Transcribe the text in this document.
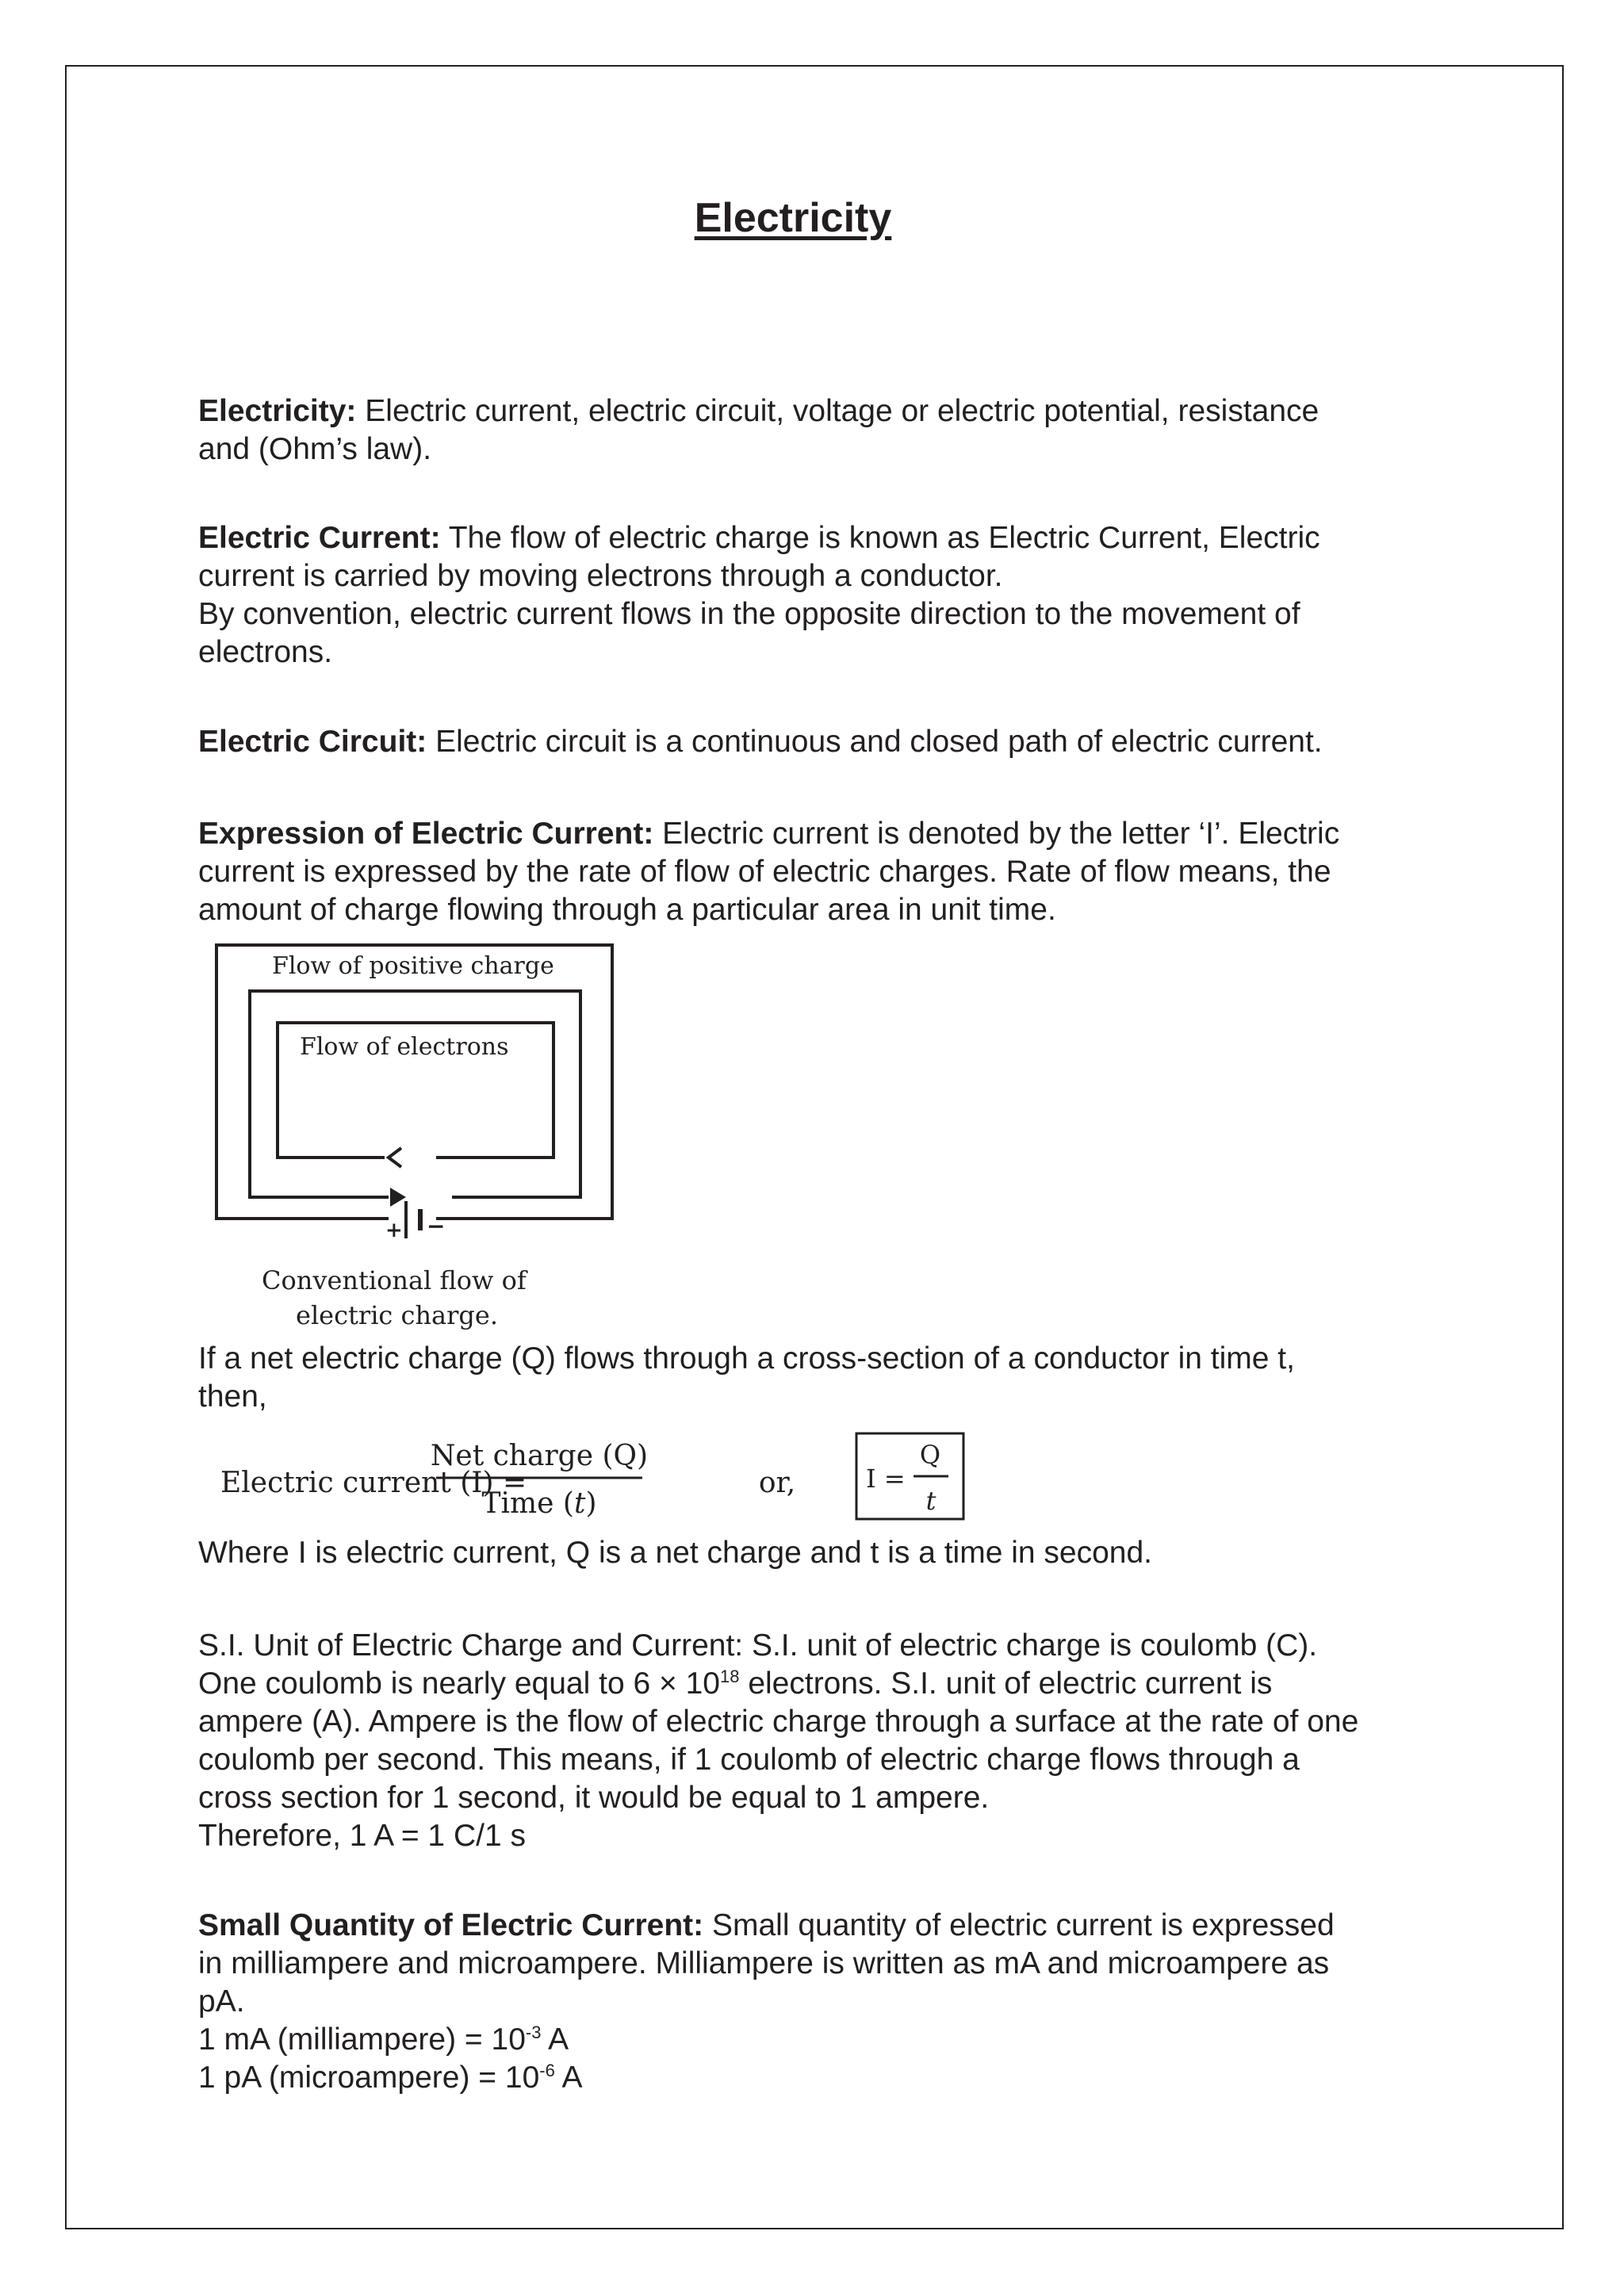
Electricity

Electricity: Electric current, electric circuit, voltage or electric potential, resistance
and (Ohm’s law).

Electric Current: The flow of electric charge is known as Electric Current, Electric
current is carried by moving electrons through a conductor.
By convention, electric current flows in the opposite direction to the movement of
electrons.

Electric Circuit: Electric circuit is a continuous and closed path of electric current.

Expression of Electric Current: Electric current is denoted by the letter ‘I’. Electric
current is expressed by the rate of flow of electric charges. Rate of flow means, the
amount of charge flowing through a particular area in unit time.

If a net electric charge (Q) flows through a cross-section of a conductor in time t,
then,

Where I is electric current, Q is a net charge and t is a time in second.

S.I. Unit of Electric Charge and Current: S.I. unit of electric charge is coulomb (C).
One coulomb is nearly equal to $6 \times 10^{18}$ electrons. S.I. unit of electric current is
ampere (A). Ampere is the flow of electric charge through a surface at the rate of one
coulomb per second. This means, if 1 coulomb of electric charge flows through a
cross section for 1 second, it would be equal to 1 ampere.
Therefore, 1 A = 1 C/1 s

Small Quantity of Electric Current: Small quantity of electric current is expressed
in milliampere and microampere. Milliampere is written as mA and microampere as
pA.
1 mA (milliampere) = $10^{-3}$ A
1 pA (microampere) = $10^{-6}$ A

+ −
Flow of positive charge
Flow of electrons
Conventional flow of
electric charge.
Electric current (I) =
Net charge (Q)
Time (t)
or,	I =
Q
t
